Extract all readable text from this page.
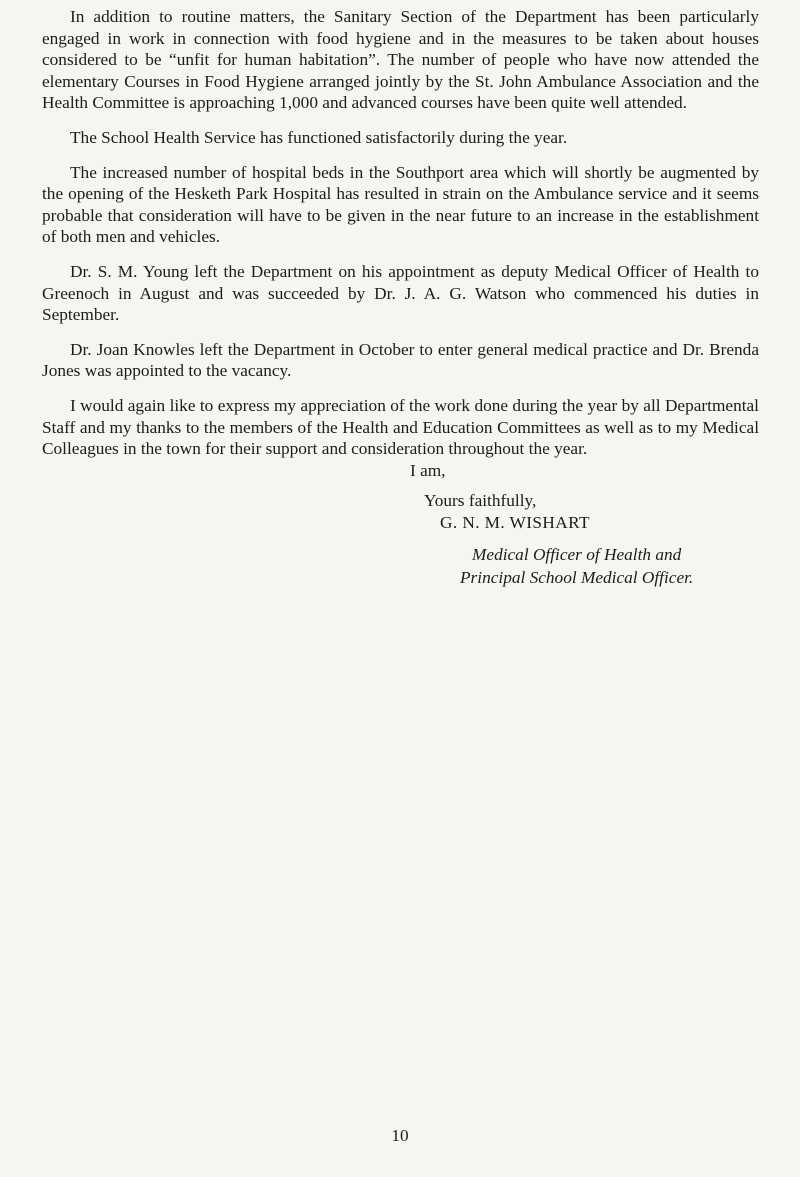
In addition to routine matters, the Sanitary Section of the Department has been particularly engaged in work in connection with food hygiene and in the measures to be taken about houses considered to be “unfit for human habitation”. The number of people who have now attended the elementary Courses in Food Hygiene arranged jointly by the St. John Ambulance Association and the Health Committee is approaching 1,000 and advanced courses have been quite well attended.

The School Health Service has functioned satisfactorily during the year.

The increased number of hospital beds in the Southport area which will shortly be augmented by the opening of the Hesketh Park Hospital has resulted in strain on the Ambulance service and it seems probable that consideration will have to be given in the near future to an increase in the establishment of both men and vehicles.

Dr. S. M. Young left the Department on his appointment as deputy Medical Officer of Health to Greenoch in August and was succeeded by Dr. J. A. G. Watson who commenced his duties in September.

Dr. Joan Knowles left the Department in October to enter general medical practice and Dr. Brenda Jones was appointed to the vacancy.

I would again like to express my appreciation of the work done during the year by all Departmental Staff and my thanks to the members of the Health and Education Committees as well as to my Medical Colleagues in the town for their support and consideration throughout the year.

I am,

Yours faithfully,

G. N. M. WISHART

Medical Officer of Health and

Principal School Medical Officer.

10
